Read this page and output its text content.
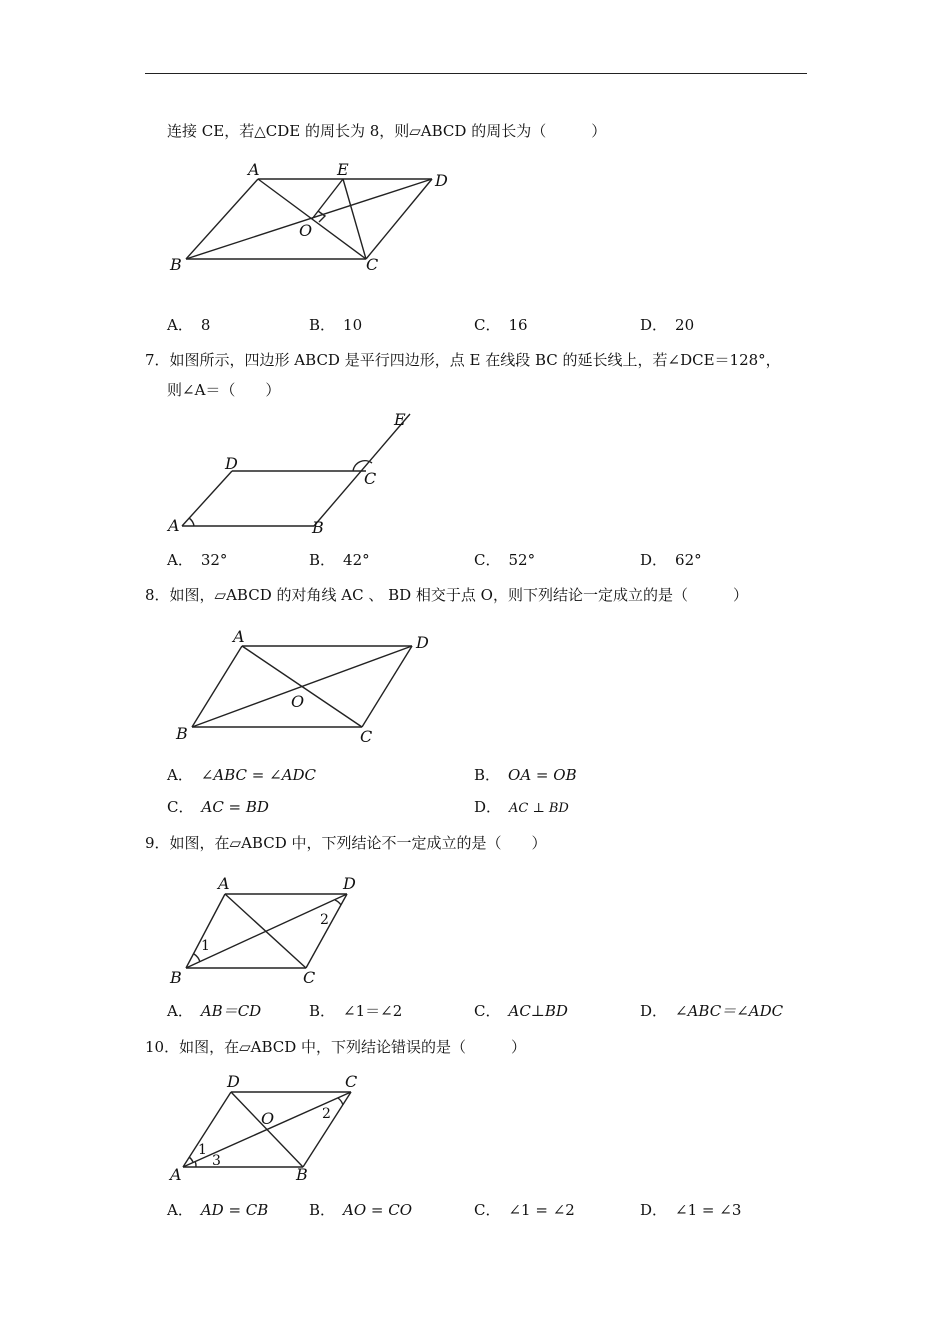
连接 CE，若△CDE 的周长为 8，则▱ABCD 的周长为（　　　）
A	E
D
O
B	C
A． 8	B． 10	C． 16	D． 20
7．如图所示，四边形 ABCD 是平行四边形，点 E 在线段 BC 的延长线上，若∠DCE＝128°，
则∠A＝（　　）
E
D
C
A	B
A． 32°	B． 42°	C． 52°	D． 62°
8．如图，▱ABCD 的对角线 AC 、 BD 相交于点 O，则下列结论一定成立的是（　　　）
A	D
O
B	C
A． ∠ABC = ∠ADC	B． OA = OB
C． AC = BD	D． AC ⊥ BD
9．如图，在▱ABCD 中，下列结论不一定成立的是（　　）
A	D
B	C
1
2
A． AB＝CD	B． ∠1＝∠2	C． AC⊥BD	D． ∠ABC＝∠ADC
10．如图，在▱ABCD 中，下列结论错误的是（　　　）
D	C
O
A	B
1
2
3
A． AD = CB	B． AO = CO	C． ∠1 = ∠2	D． ∠1 = ∠3
